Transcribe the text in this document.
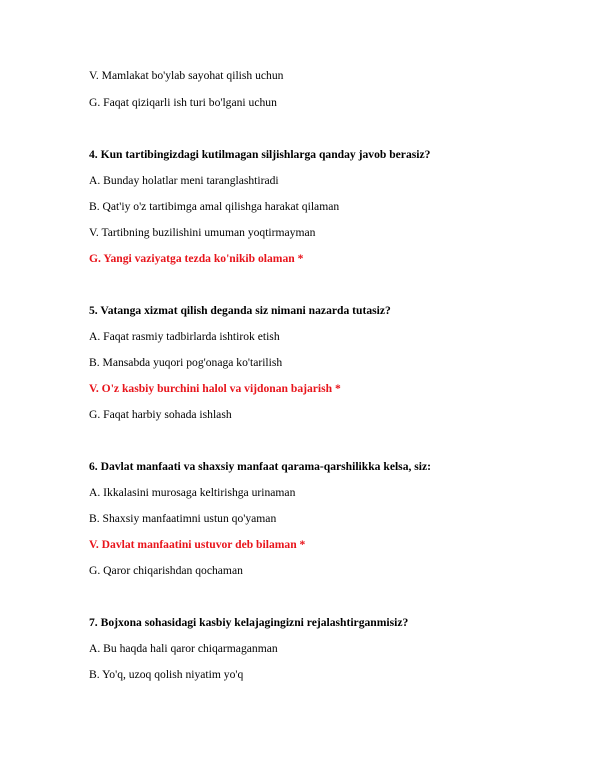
V. Mamlakat bo'ylab sayohat qilish uchun
G. Faqat qiziqarli ish turi bo'lgani uchun
4. Kun tartibingizdagi kutilmagan siljishlarga qanday javob berasiz?
A. Bunday holatlar meni taranglashtiradi
B. Qat'iy o'z tartibimga amal qilishga harakat qilaman
V. Tartibning buzilishini umuman yoqtirmayman
G. Yangi vaziyatga tezda ko'nikib olaman *
5. Vatanga xizmat qilish deganda siz nimani nazarda tutasiz?
A. Faqat rasmiy tadbirlarda ishtirok etish
B. Mansabda yuqori pog'onaga ko'tarilish
V. O'z kasbiy burchini halol va vijdonan bajarish *
G. Faqat harbiy sohada ishlash
6. Davlat manfaati va shaxsiy manfaat qarama-qarshilikka kelsa, siz:
A. Ikkalasini murosaga keltirishga urinaman
B. Shaxsiy manfaatimni ustun qo'yaman
V. Davlat manfaatini ustuvor deb bilaman *
G. Qaror chiqarishdan qochaman
7. Bojxona sohasidagi kasbiy kelajagingizni rejalashtirganmisiz?
A. Bu haqda hali qaror chiqarmaganman
B. Yo'q, uzoq qolish niyatim yo'q
